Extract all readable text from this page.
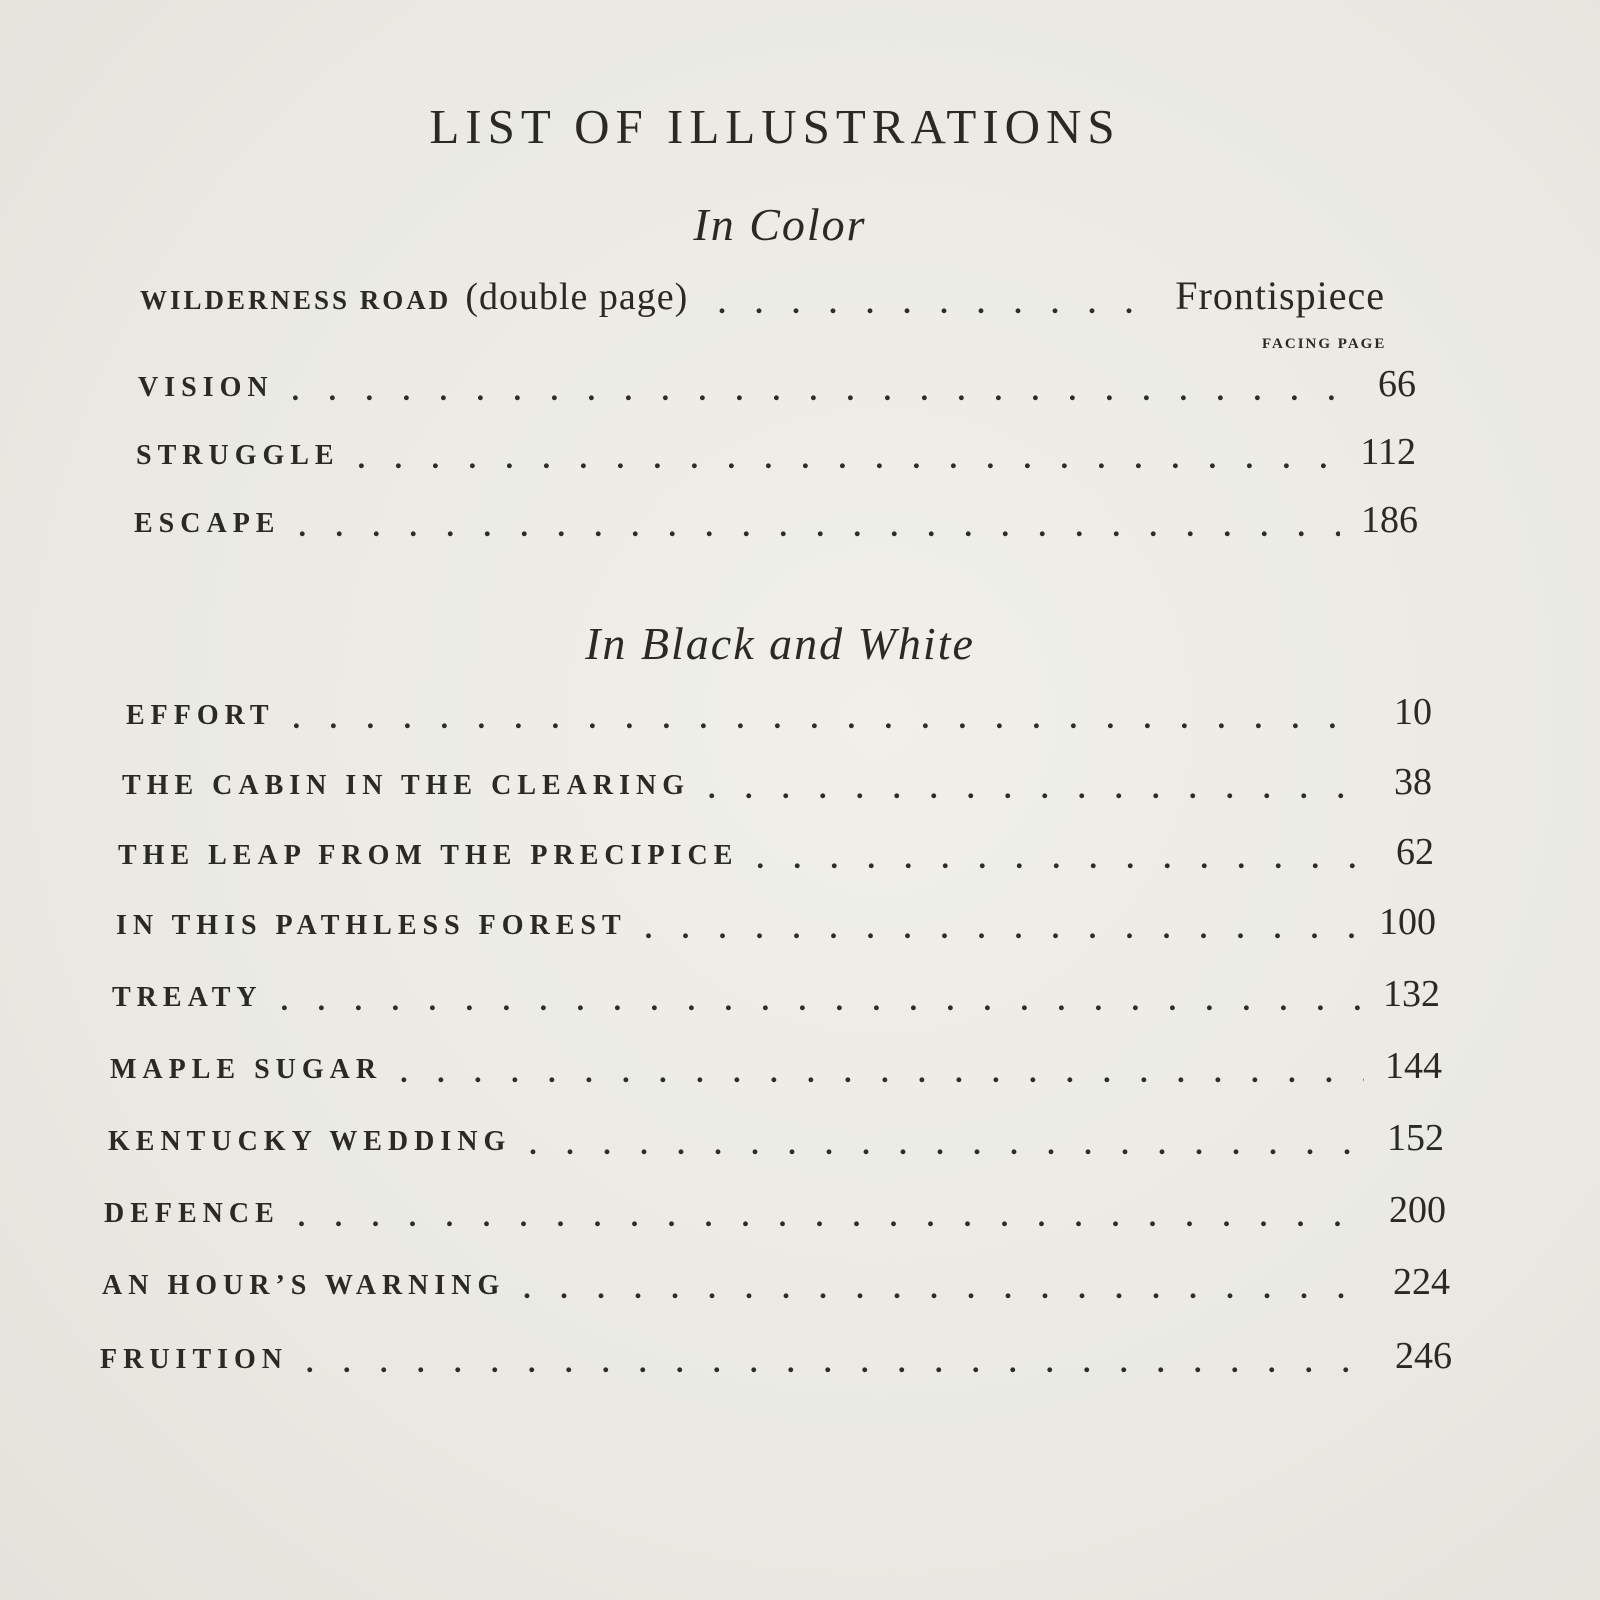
LIST OF ILLUSTRATIONS
In Color
WILDERNESS ROAD (double page) . . .	Frontispiece
FACING PAGE
VISION . . .	66
STRUGGLE . . .	112
ESCAPE . . .	186
In Black and White
EFFORT . . .	10
THE CABIN IN THE CLEARING . . .	38
THE LEAP FROM THE PRECIPICE . . .	62
IN THIS PATHLESS FOREST . . .	100
TREATY . . .	132
MAPLE SUGAR . . .	144
KENTUCKY WEDDING . . .	152
DEFENCE . . .	200
AN HOUR’S WARNING . . .	224
FRUITION . . .	246
